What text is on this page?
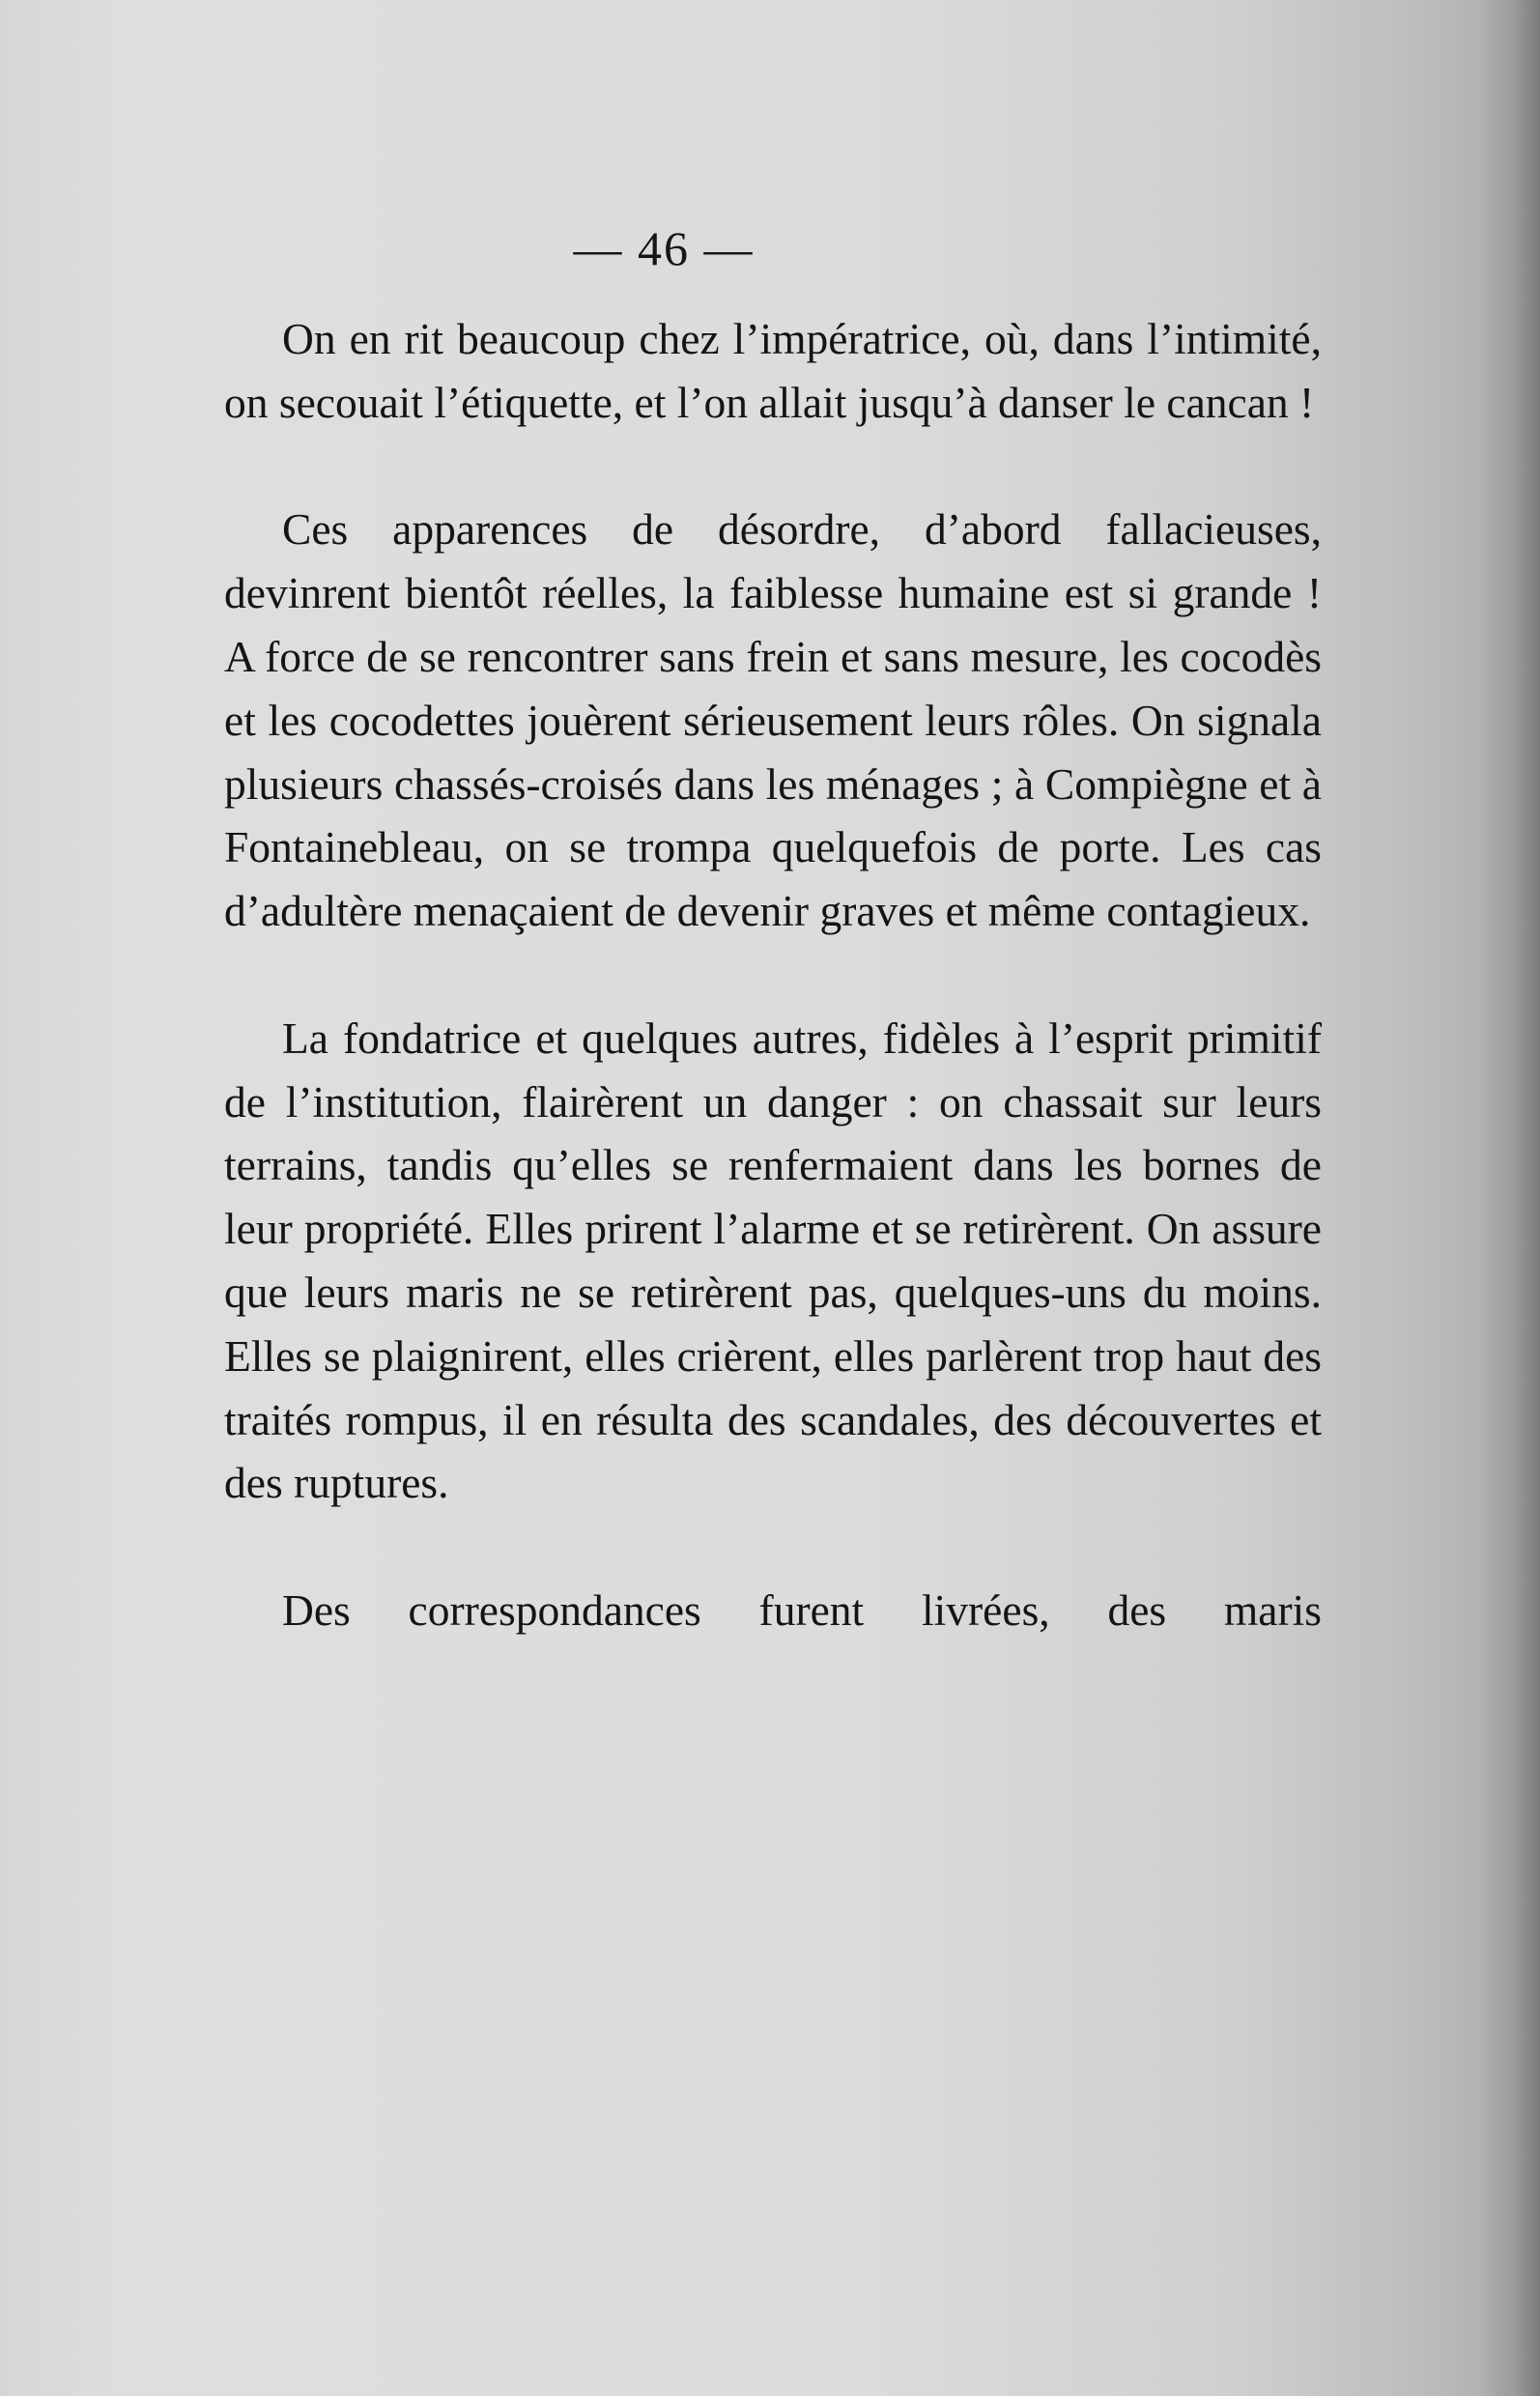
— 46 —

On en rit beaucoup chez l’impératrice, où, dans l’intimité, on secouait l’étiquette, et l’on allait jusqu’à danser le cancan !

Ces apparences de désordre, d’abord fallacieuses, devinrent bientôt réelles, la faiblesse humaine est si grande ! A force de se rencontrer sans frein et sans mesure, les cocodès et les cocodettes jouèrent sérieusement leurs rôles. On signala plusieurs chassés-croisés dans les ménages ; à Compiègne et à Fontainebleau, on se trompa quelquefois de porte. Les cas d’adultère menaçaient de devenir graves et même contagieux.

La fondatrice et quelques autres, fidèles à l’esprit primitif de l’institution, flairèrent un danger : on chassait sur leurs terrains, tandis qu’elles se renfermaient dans les bornes de leur propriété. Elles prirent l’alarme et se retirèrent. On assure que leurs maris ne se retirèrent pas, quelques-uns du moins. Elles se plaignirent, elles crièrent, elles parlèrent trop haut des traités rompus, il en résulta des scandales, des découvertes et des ruptures.

Des correspondances furent livrées, des maris
